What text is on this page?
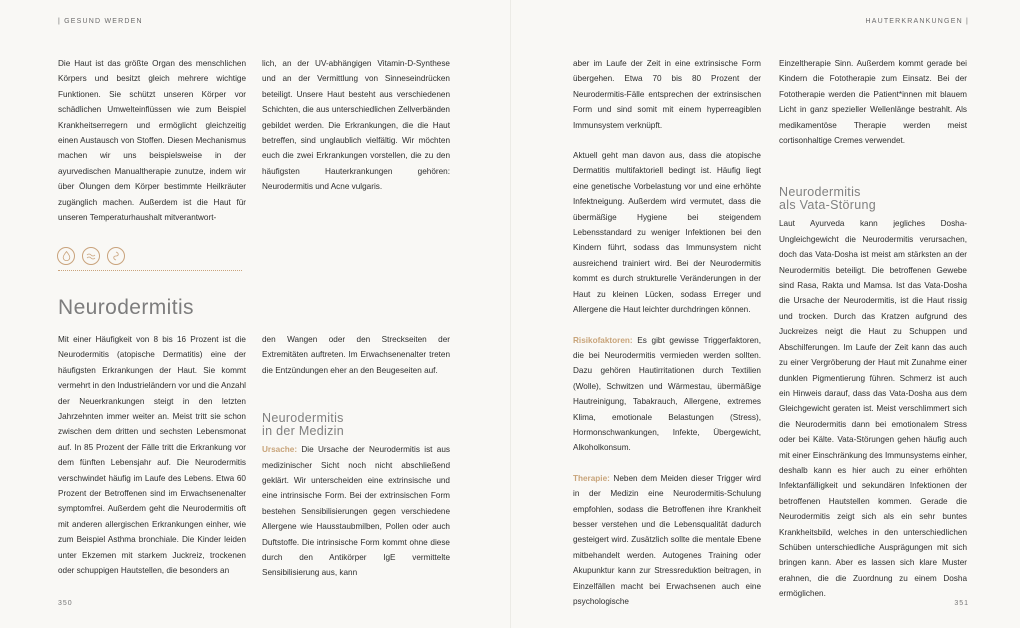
| GESUND WERDEN

Die Haut ist das größte Organ des menschlichen Körpers und besitzt gleich mehrere wichtige Funktionen. Sie schützt unseren Körper vor schädlichen Umwelteinflüssen wie zum Beispiel Krankheitserregern und ermöglicht gleichzeitig einen Austausch von Stoffen. Diesen Mechanismus machen wir uns beispielsweise in der ayurvedischen Manualtherapie zunutze, indem wir über Ölungen dem Körper bestimmte Heilkräuter zugänglich machen. Außerdem ist die Haut für unseren Temperaturhaushalt mitverantwort-

lich, an der UV-abhängigen Vitamin-D-Synthese und an der Vermittlung von Sinneseindrücken beteiligt. Unsere Haut besteht aus verschiedenen Schichten, die aus unterschiedlichen Zellverbänden gebildet werden. Die Erkrankungen, die die Haut betreffen, sind unglaublich vielfältig. Wir möchten euch die zwei Erkrankungen vorstellen, die zu den häufigsten Hauterkrankungen gehören: Neurodermitis und Acne vulgaris.

Neurodermitis

Mit einer Häufigkeit von 8 bis 16 Prozent ist die Neurodermitis (atopische Dermatitis) eine der häufigsten Erkrankungen der Haut. Sie kommt vermehrt in den Industrieländern vor und die Anzahl der Neuerkrankungen steigt in den letzten Jahrzehnten immer weiter an. Meist tritt sie schon zwischen dem dritten und sechsten Lebensmonat auf. In 85 Prozent der Fälle tritt die Erkrankung vor dem fünften Lebensjahr auf. Die Neurodermitis verschwindet häufig im Laufe des Lebens. Etwa 60 Prozent der Betroffenen sind im Erwachsenenalter symptomfrei. Außerdem geht die Neurodermitis oft mit anderen allergischen Erkrankungen einher, wie zum Beispiel Asthma bronchiale. Die Kinder leiden unter Ekzemen mit starkem Juckreiz, trockenen oder schuppigen Hautstellen, die besonders an

den Wangen oder den Streckseiten der Extremitäten auftreten. Im Erwachsenenalter treten die Entzündungen eher an den Beugeseiten auf.

Neurodermitis
in der Medizin

Ursache: Die Ursache der Neurodermitis ist aus medizinischer Sicht noch nicht abschließend geklärt. Wir unterscheiden eine extrinsische und eine intrinsische Form. Bei der extrinsischen Form bestehen Sensibilisierungen gegen verschiedene Allergene wie Hausstaubmilben, Pollen oder auch Duftstoffe. Die intrinsische Form kommt ohne diese durch den Antikörper IgE vermittelte Sensibilisierung aus, kann

350
HAUTERKRANKUNGEN |

aber im Laufe der Zeit in eine extrinsische Form übergehen. Etwa 70 bis 80 Prozent der Neurodermitis-Fälle entsprechen der extrinsischen Form und sind somit mit einem hyperreagiblen Immunsystem verknüpft.

Aktuell geht man davon aus, dass die atopische Dermatitis multifaktoriell bedingt ist. Häufig liegt eine genetische Vorbelastung vor und eine erhöhte Infektneigung. Außerdem wird vermutet, dass die übermäßige Hygiene bei steigendem Lebensstandard zu weniger Infektionen bei den Kindern führt, sodass das Immunsystem nicht ausreichend trainiert wird. Bei der Neurodermitis kommt es durch strukturelle Veränderungen in der Haut zu kleinen Lücken, sodass Erreger und Allergene die Haut leichter durchdringen können.

Risikofaktoren: Es gibt gewisse Triggerfaktoren, die bei Neurodermitis vermieden werden sollten. Dazu gehören Hautirritationen durch Textilien (Wolle), Schwitzen und Wärmestau, übermäßige Hautreinigung, Tabakrauch, Allergene, extremes Klima, emotionale Belastungen (Stress), Hormonschwankungen, Infekte, Übergewicht, Alkoholkonsum.

Therapie: Neben dem Meiden dieser Trigger wird in der Medizin eine Neurodermitis-Schulung empfohlen, sodass die Betroffenen ihre Krankheit besser verstehen und die Lebensqualität dadurch gesteigert wird. Zusätzlich sollte die mentale Ebene mitbehandelt werden. Autogenes Training oder Akupunktur kann zur Stressreduktion beitragen, in Einzelfällen macht bei Erwachsenen auch eine psychologische

Einzeltherapie Sinn. Außerdem kommt gerade bei Kindern die Fototherapie zum Einsatz. Bei der Fototherapie werden die Patient*innen mit blauem Licht in ganz spezieller Wellenlänge bestrahlt. Als medikamentöse Therapie werden meist cortisonhaltige Cremes verwendet.

Neurodermitis
als Vata-Störung

Laut Ayurveda kann jegliches Dosha-Ungleichgewicht die Neurodermitis verursachen, doch das Vata-Dosha ist meist am stärksten an der Neurodermitis beteiligt. Die betroffenen Gewebe sind Rasa, Rakta und Mamsa. Ist das Vata-Dosha die Ursache der Neurodermitis, ist die Haut rissig und trocken. Durch das Kratzen aufgrund des Juckreizes neigt die Haut zu Schuppen und Abschilferungen. Im Laufe der Zeit kann das auch zu einer Vergröberung der Haut mit Zunahme einer dunklen Pigmentierung führen. Schmerz ist auch ein Hinweis darauf, dass das Vata-Dosha aus dem Gleichgewicht geraten ist. Meist verschlimmert sich die Neurodermitis dann bei emotionalem Stress oder bei Kälte. Vata-Störungen gehen häufig auch mit einer Einschränkung des Immunsystems einher, deshalb kann es hier auch zu einer erhöhten Infektanfälligkeit und sekundären Infektionen der betroffenen Hautstellen kommen. Gerade die Neurodermitis zeigt sich als ein sehr buntes Krankheitsbild, welches in den unterschiedlichen Schüben unterschiedliche Ausprägungen mit sich bringen kann. Aber es lassen sich klare Muster erahnen, die die Zuordnung zu einem Dosha ermöglichen.

351
